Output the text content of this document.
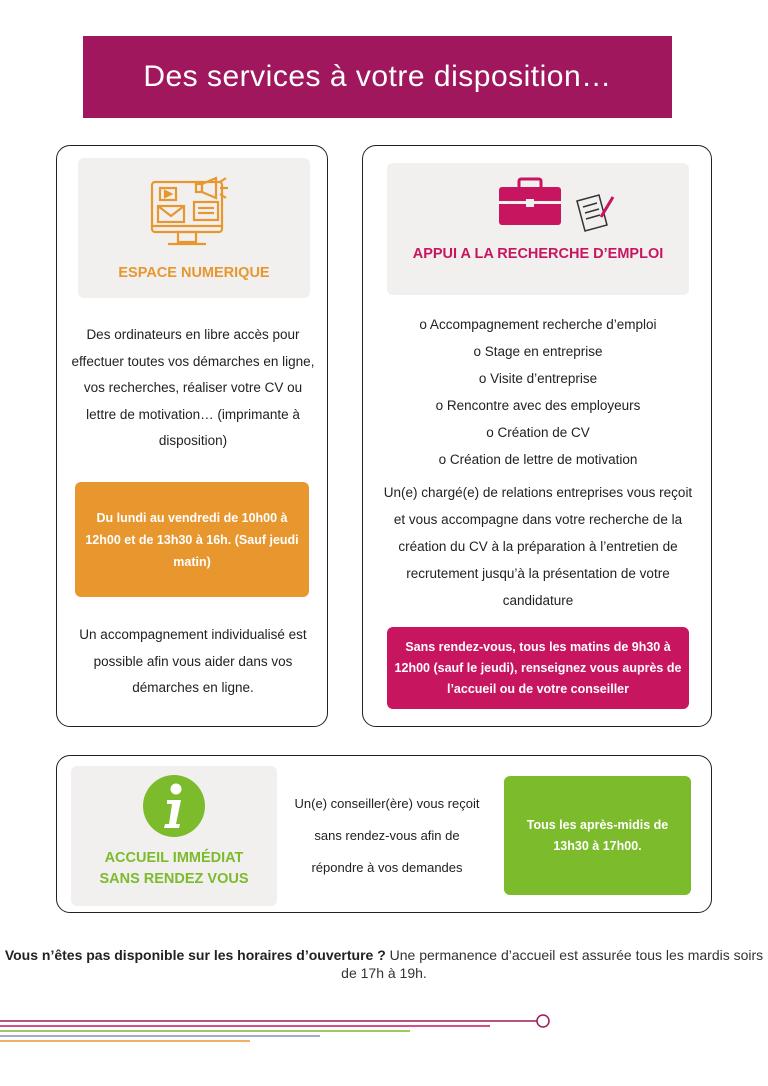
Des services à votre disposition…
ESPACE NUMERIQUE
Des ordinateurs en libre accès pour effectuer toutes vos démarches en ligne, vos recherches, réaliser votre CV ou lettre de motivation… (imprimante à disposition)
Du lundi au vendredi de 10h00 à 12h00 et de 13h30 à 16h. (Sauf jeudi matin)
Un accompagnement individualisé est possible afin vous aider dans vos démarches en ligne.
APPUI A LA RECHERCHE D’EMPLOI
o Accompagnement recherche d’emploi
o Stage en entreprise
o Visite d’entreprise
o Rencontre avec des employeurs
o Création de CV
o Création de lettre de motivation
Un(e) chargé(e) de relations entreprises vous reçoit et vous accompagne dans votre recherche de la création du CV à la préparation à l’entretien de recrutement jusqu’à la présentation de votre candidature
Sans rendez-vous, tous les matins de 9h30 à 12h00 (sauf le jeudi), renseignez vous auprès de l’accueil ou de votre conseiller
ACCUEIL IMMÉDIAT SANS RENDEZ VOUS
Un(e) conseiller(ère) vous reçoit sans rendez-vous afin de répondre à vos demandes
Tous les après-midis de 13h30 à 17h00.
Vous n’êtes pas disponible sur les horaires d’ouverture ? Une permanence d’accueil est assurée tous les mardis soirs de 17h à 19h.
